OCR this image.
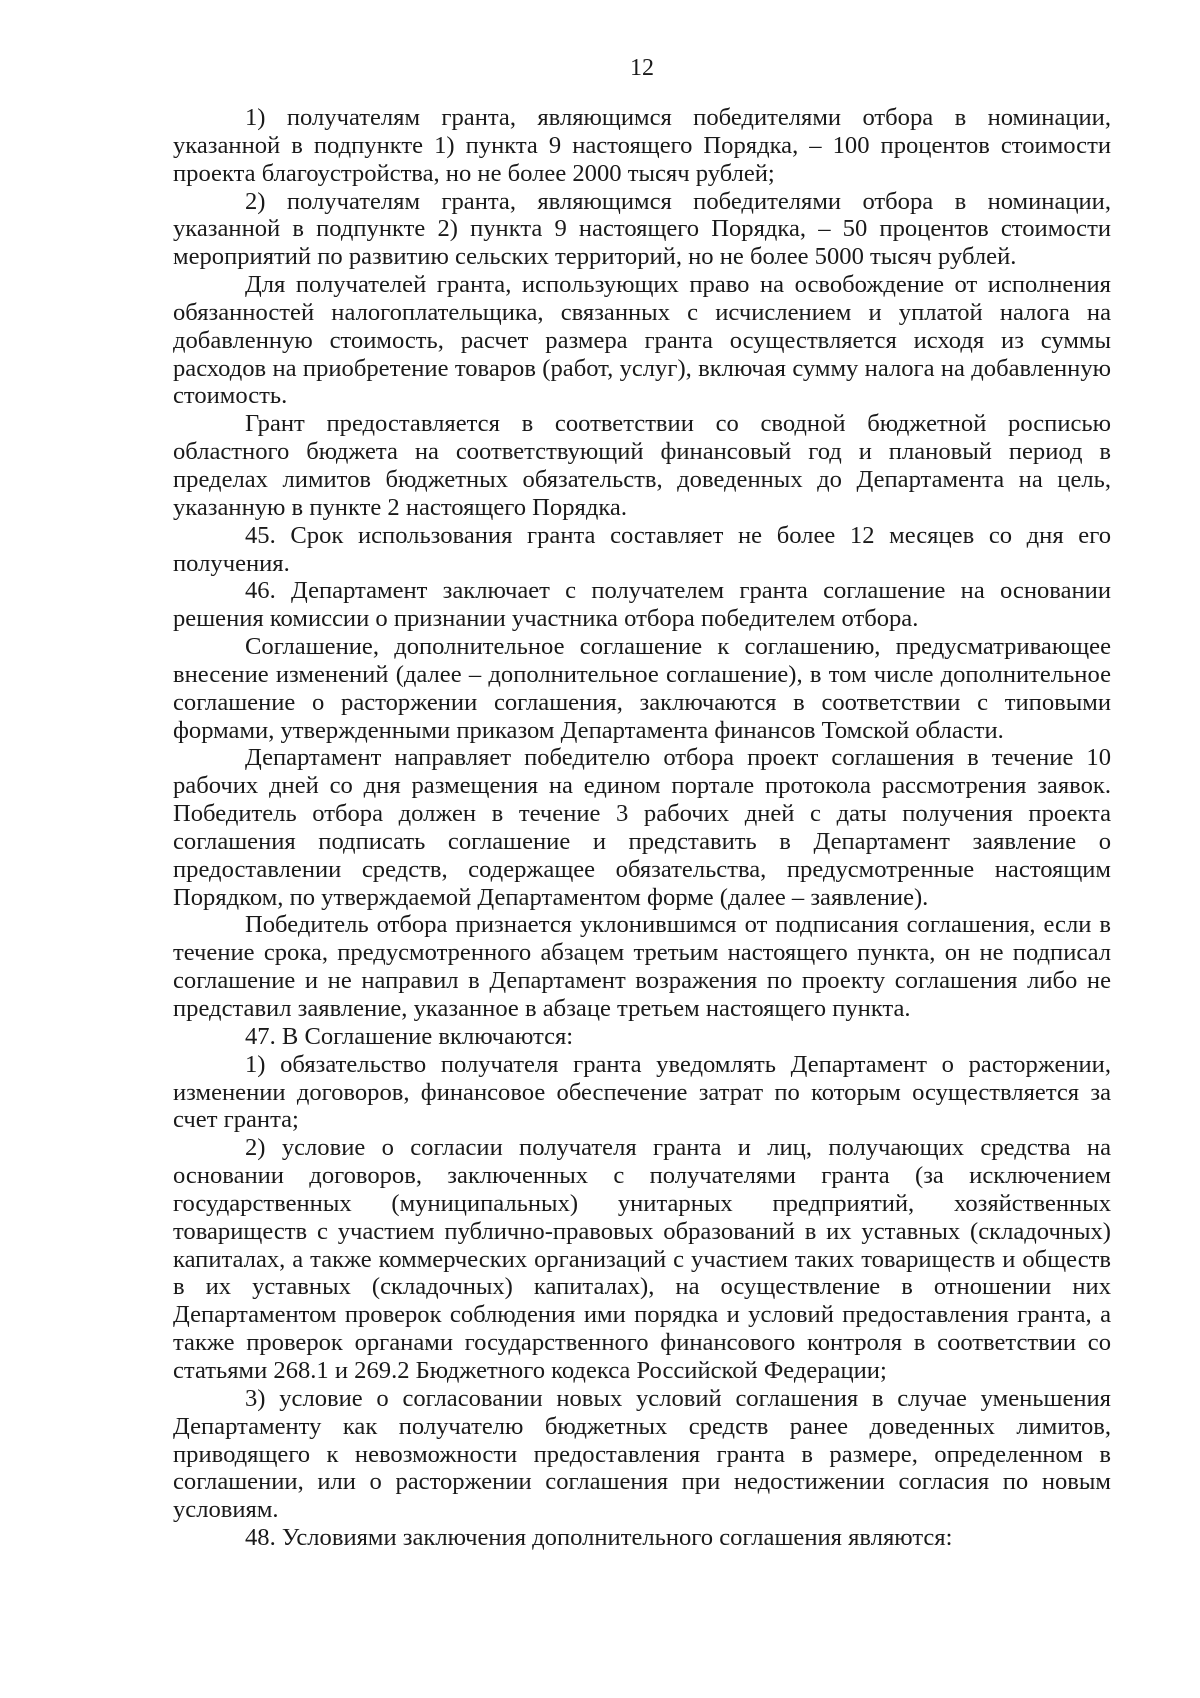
12

1) получателям гранта, являющимся победителями отбора в номинации, указанной в подпункте 1) пункта 9 настоящего Порядка, – 100 процентов стоимости проекта благоустройства, но не более 2000 тысяч рублей;

2) получателям гранта, являющимся победителями отбора в номинации, указанной в подпункте 2) пункта 9 настоящего Порядка, – 50 процентов стоимости мероприятий по развитию сельских территорий, но не более 5000 тысяч рублей.

Для получателей гранта, использующих право на освобождение от исполнения обязанностей налогоплательщика, связанных с исчислением и уплатой налога на добавленную стоимость, расчет размера гранта осуществляется исходя из суммы расходов на приобретение товаров (работ, услуг), включая сумму налога на добавленную стоимость.

Грант предоставляется в соответствии со сводной бюджетной росписью областного бюджета на соответствующий финансовый год и плановый период в пределах лимитов бюджетных обязательств, доведенных до Департамента на цель, указанную в пункте 2 настоящего Порядка.

45. Срок использования гранта составляет не более 12 месяцев со дня его получения.

46. Департамент заключает с получателем гранта соглашение на основании решения комиссии о признании участника отбора победителем отбора.

Соглашение, дополнительное соглашение к соглашению, предусматривающее внесение изменений (далее – дополнительное соглашение), в том числе дополнительное соглашение о расторжении соглашения, заключаются в соответствии с типовыми формами, утвержденными приказом Департамента финансов Томской области.

Департамент направляет победителю отбора проект соглашения в течение 10 рабочих дней со дня размещения на едином портале протокола рассмотрения заявок. Победитель отбора должен в течение 3 рабочих дней с даты получения проекта соглашения подписать соглашение и представить в Департамент заявление о предоставлении средств, содержащее обязательства, предусмотренные настоящим Порядком, по утверждаемой Департаментом форме (далее – заявление).

Победитель отбора признается уклонившимся от подписания соглашения, если в течение срока, предусмотренного абзацем третьим настоящего пункта, он не подписал соглашение и не направил в Департамент возражения по проекту соглашения либо не представил заявление, указанное в абзаце третьем настоящего пункта.

47. В Соглашение включаются:

1) обязательство получателя гранта уведомлять Департамент о расторжении, изменении договоров, финансовое обеспечение затрат по которым осуществляется за счет гранта;

2) условие о согласии получателя гранта и лиц, получающих средства на основании договоров, заключенных с получателями гранта (за исключением государственных (муниципальных) унитарных предприятий, хозяйственных товариществ с участием публично-правовых образований в их уставных (складочных) капиталах, а также коммерческих организаций с участием таких товариществ и обществ в их уставных (складочных) капиталах), на осуществление в отношении них Департаментом проверок соблюдения ими порядка и условий предоставления гранта, а также проверок органами государственного финансового контроля в соответствии со статьями 268.1 и 269.2 Бюджетного кодекса Российской Федерации;

3) условие о согласовании новых условий соглашения в случае уменьшения Департаменту как получателю бюджетных средств ранее доведенных лимитов, приводящего к невозможности предоставления гранта в размере, определенном в соглашении, или о расторжении соглашения при недостижении согласия по новым условиям.

48. Условиями заключения дополнительного соглашения являются:
